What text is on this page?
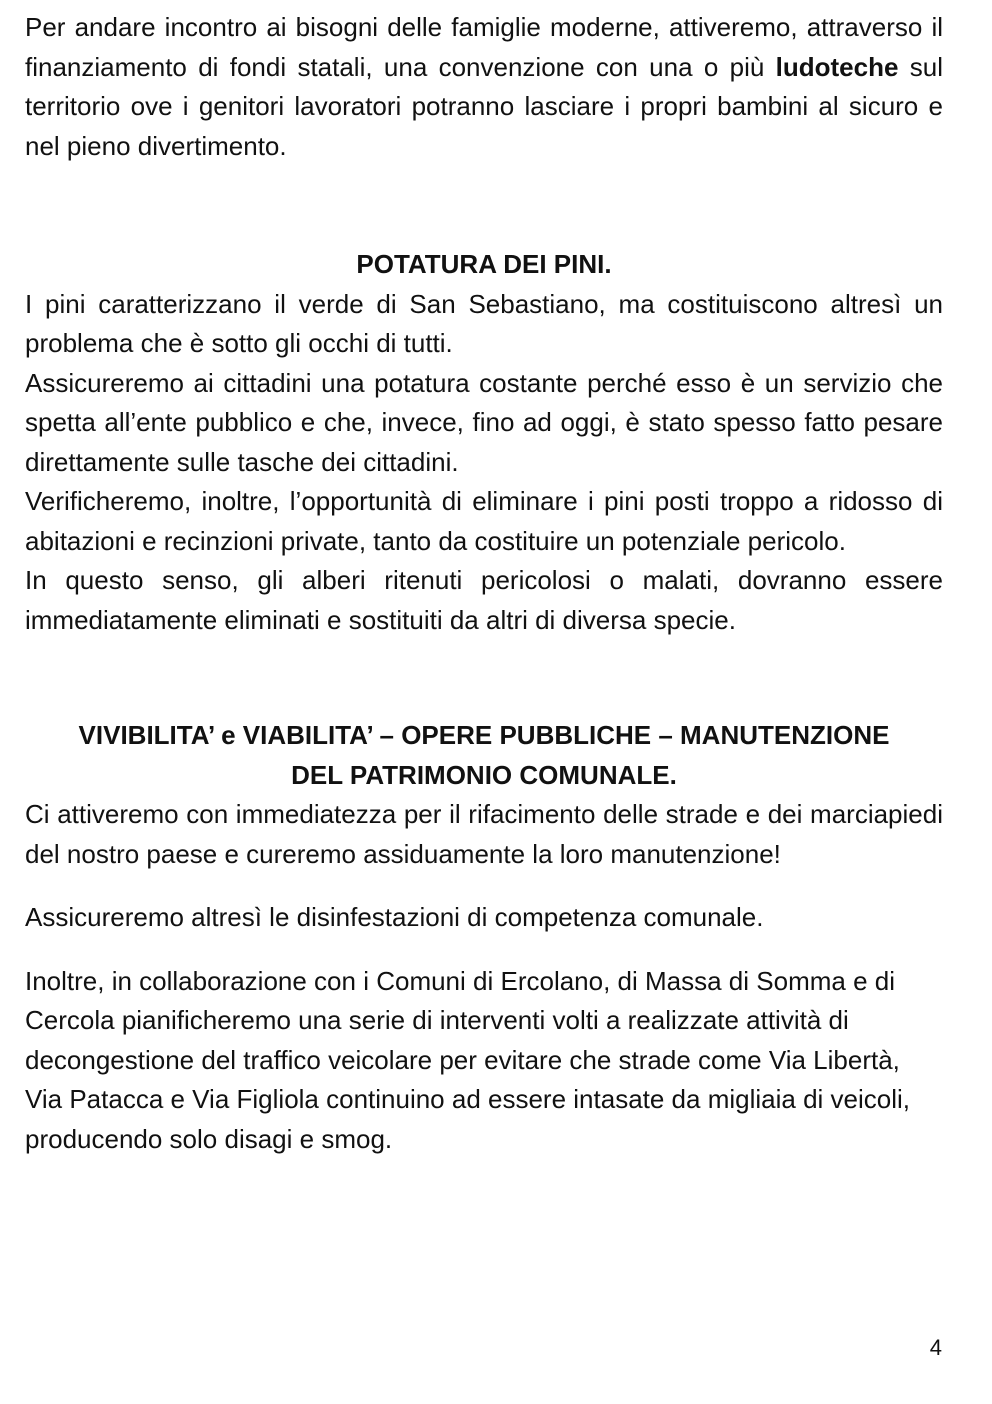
Per andare incontro ai bisogni delle famiglie moderne, attiveremo, attraverso il finanziamento di fondi statali, una convenzione con una o più ludoteche sul territorio ove i genitori lavoratori potranno lasciare i propri bambini al sicuro e nel pieno divertimento.

POTATURA DEI PINI.

I pini caratterizzano il verde di San Sebastiano, ma costituiscono altresì un problema che è sotto gli occhi di tutti.

Assicureremo ai cittadini una potatura costante perché esso è un servizio che spetta all’ente pubblico e che, invece, fino ad oggi, è stato spesso fatto pesare direttamente sulle tasche dei cittadini.

Verificheremo, inoltre, l’opportunità di eliminare i pini posti troppo a ridosso di abitazioni e recinzioni private, tanto da costituire un potenziale pericolo.

In questo senso, gli alberi ritenuti pericolosi o malati, dovranno essere immediatamente eliminati e sostituiti da altri di diversa specie.

VIVIBILITA’ e VIABILITA’ – OPERE PUBBLICHE – MANUTENZIONE
DEL PATRIMONIO COMUNALE.

Ci attiveremo con immediatezza per il rifacimento delle strade e dei marciapiedi del nostro paese e cureremo assiduamente la loro manutenzione!

Assicureremo altresì le disinfestazioni di competenza comunale.

Inoltre, in collaborazione con i Comuni di Ercolano, di Massa di Somma e di Cercola pianificheremo una serie di interventi volti a realizzate attività di decongestione del traffico veicolare per evitare che strade come Via Libertà, Via Patacca e Via Figliola continuino ad essere intasate da migliaia di veicoli, producendo solo disagi e smog.

4
